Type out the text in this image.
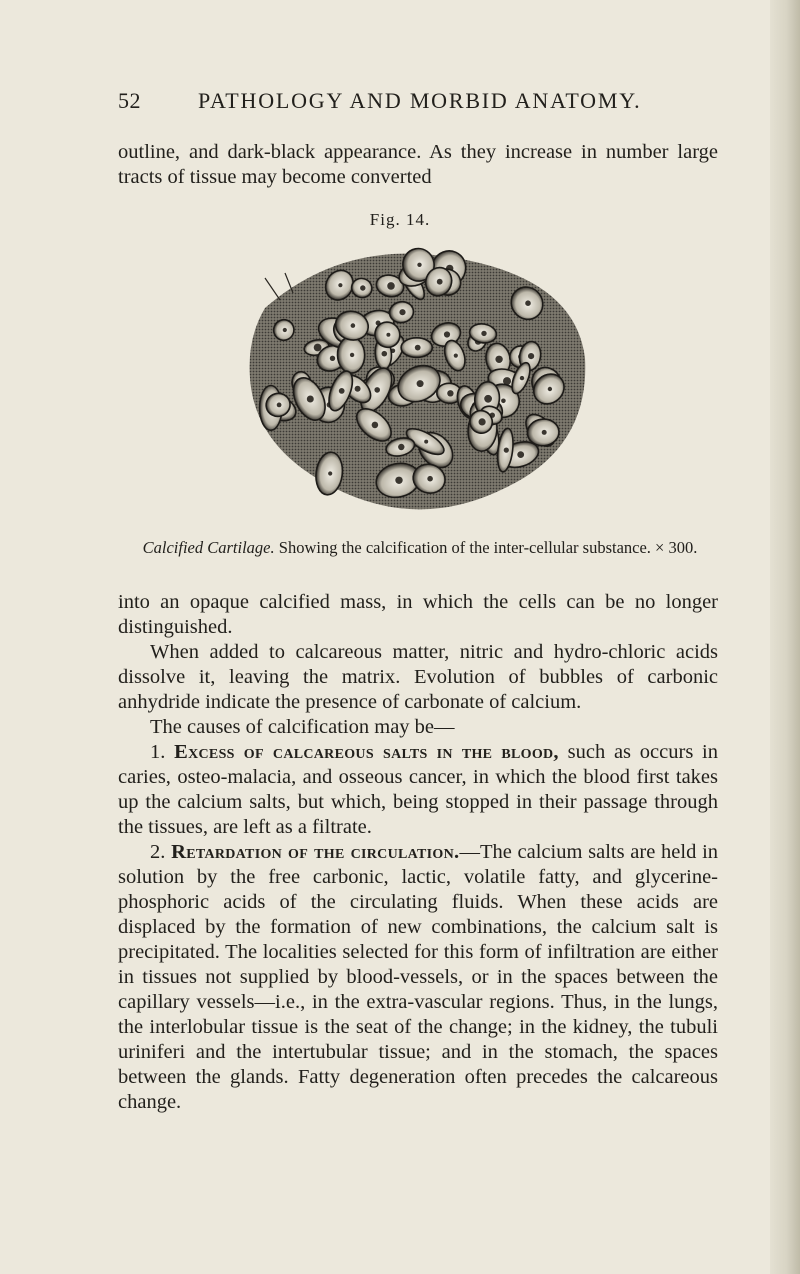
52	PATHOLOGY AND MORBID ANATOMY.

outline, and dark-black appearance. As they increase in number large tracts of tissue may become converted

Fig. 14.
Calcified Cartilage. Showing the calcification of the inter-cellular substance. × 300.

into an opaque calcified mass, in which the cells can be no longer distinguished.

When added to calcareous matter, nitric and hydro-chloric acids dissolve it, leaving the matrix. Evolution of bubbles of carbonic anhydride indicate the presence of carbonate of calcium.

The causes of calcification may be—

1. Excess of calcareous salts in the blood, such as occurs in caries, osteo-malacia, and osseous cancer, in which the blood first takes up the calcium salts, but which, being stopped in their passage through the tissues, are left as a filtrate.

2. Retardation of the circulation.—The calcium salts are held in solution by the free carbonic, lactic, volatile fatty, and glycerine-phosphoric acids of the circulating fluids. When these acids are displaced by the formation of new combinations, the calcium salt is precipitated. The localities selected for this form of infiltration are either in tissues not supplied by blood-vessels, or in the spaces between the capillary vessels—i.e., in the extra-vascular regions. Thus, in the lungs, the interlobular tissue is the seat of the change; in the kidney, the tubuli uriniferi and the intertubular tissue; and in the stomach, the spaces between the glands. Fatty degeneration often precedes the calcareous change.
